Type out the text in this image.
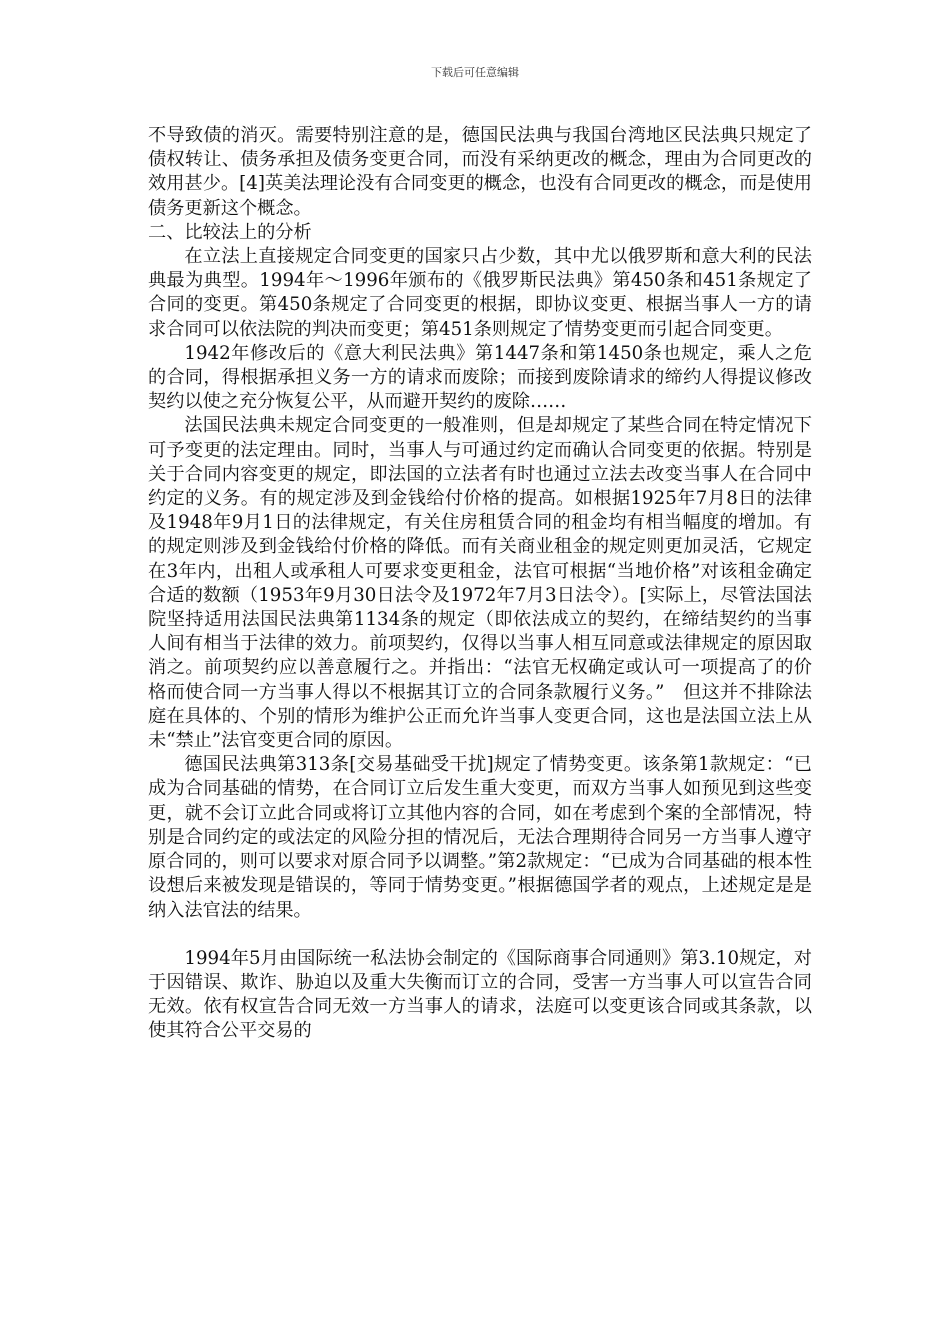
下载后可任意编辑

不导致债的消灭。需要特别注意的是，德国民法典与我国台湾地区民法典只规定了债权转让、债务承担及债务变更合同，而没有采纳更改的概念，理由为合同更改的效用甚少。[4]英美法理论没有合同变更的概念，也没有合同更改的概念，而是使用债务更新这个概念。

二、比较法上的分析

在立法上直接规定合同变更的国家只占少数，其中尤以俄罗斯和意大利的民法典最为典型。1994年～1996年颁布的《俄罗斯民法典》第450条和451条规定了合同的变更。第450条规定了合同变更的根据，即协议变更、根据当事人一方的请求合同可以依法院的判决而变更；第451条则规定了情势变更而引起合同变更。

1942年修改后的《意大利民法典》第1447条和第1450条也规定，乘人之危的合同，得根据承担义务一方的请求而废除；而接到废除请求的缔约人得提议修改契约以使之充分恢复公平，从而避开契约的废除……

法国民法典未规定合同变更的一般准则，但是却规定了某些合同在特定情况下可予变更的法定理由。同时，当事人与可通过约定而确认合同变更的依据。特别是关于合同内容变更的规定，即法国的立法者有时也通过立法去改变当事人在合同中约定的义务。有的规定涉及到金钱给付价格的提高。如根据1925年7月8日的法律及1948年9月1日的法律规定，有关住房租赁合同的租金均有相当幅度的增加。有的规定则涉及到金钱给付价格的降低。而有关商业租金的规定则更加灵活，它规定在3年内，出租人或承租人可要求变更租金，法官可根据“当地价格”对该租金确定合适的数额（1953年9月30日法令及1972年7月3日法令）。[实际上，尽管法国法院坚持适用法国民法典第1134条的规定（即依法成立的契约，在缔结契约的当事人间有相当于法律的效力。前项契约，仅得以当事人相互同意或法律规定的原因取消之。前项契约应以善意履行之。并指出：“法官无权确定或认可一项提高了的价格而使合同一方当事人得以不根据其订立的合同条款履行义务。”　但这并不排除法庭在具体的、个别的情形为维护公正而允许当事人变更合同，这也是法国立法上从未“禁止”法官变更合同的原因。

德国民法典第313条[交易基础受干扰]规定了情势变更。该条第1款规定：“已成为合同基础的情势，在合同订立后发生重大变更，而双方当事人如预见到这些变更，就不会订立此合同或将订立其他内容的合同，如在考虑到个案的全部情况，特别是合同约定的或法定的风险分担的情况后，无法合理期待合同另一方当事人遵守原合同的，则可以要求对原合同予以调整。”第2款规定：“已成为合同基础的根本性设想后来被发现是错误的，等同于情势变更。”根据德国学者的观点，上述规定是是纳入法官法的结果。

1994年5月由国际统一私法协会制定的《国际商事合同通则》第3.10规定，对于因错误、欺诈、胁迫以及重大失衡而订立的合同，受害一方当事人可以宣告合同无效。依有权宣告合同无效一方当事人的请求，法庭可以变更该合同或其条款，以使其符合公平交易的
